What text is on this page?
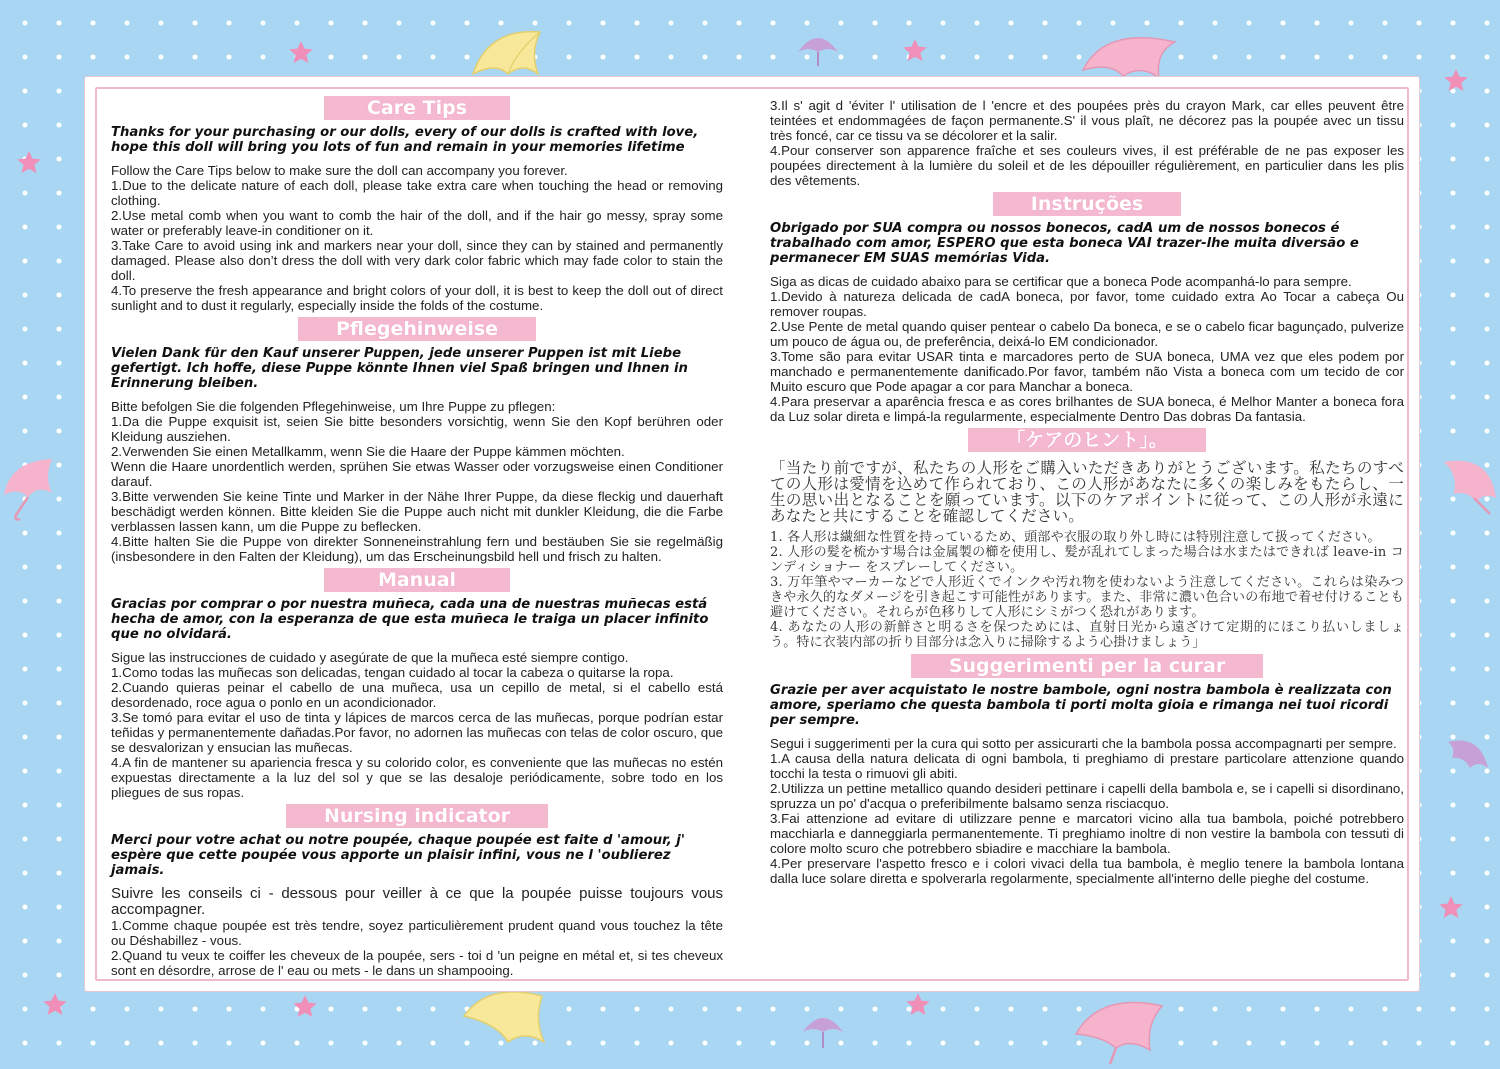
Care Tips

Thanks for your purchasing or our dolls, every of our dolls is crafted with love, hope this doll will bring you lots of fun and remain in your memories lifetime

Follow the Care Tips below to make sure the doll can accompany you forever.

1.Due to the delicate nature of each doll, please take extra care when touching the head or removing clothing.

2.Use metal comb when you want to comb the hair of the doll, and if the hair go messy, spray some water or preferably leave-in conditioner on it.

3.Take Care to avoid using ink and markers near your doll, since they can by stained and permanently damaged. Please also don’t dress the doll with very dark color fabric which may fade color to stain the doll.

4.To preserve the fresh appearance and bright colors of your doll, it is best to keep the doll out of direct sunlight and to dust it regularly, especially inside the folds of the costume.

Pflegehinweise

Vielen Dank für den Kauf unserer Puppen, jede unserer Puppen ist mit Liebe gefertigt. Ich hoffe, diese Puppe könnte Ihnen viel Spaß bringen und Ihnen in Erinnerung bleiben.

Bitte befolgen Sie die folgenden Pflegehinweise, um Ihre Puppe zu pflegen:

1.Da die Puppe exquisit ist, seien Sie bitte besonders vorsichtig, wenn Sie den Kopf berühren oder Kleidung ausziehen.

2.Verwenden Sie einen Metallkamm, wenn Sie die Haare der Puppe kämmen möchten.

Wenn die Haare unordentlich werden, sprühen Sie etwas Wasser oder vorzugsweise einen Conditioner darauf.

3.Bitte verwenden Sie keine Tinte und Marker in der Nähe Ihrer Puppe, da diese fleckig und dauerhaft beschädigt werden können. Bitte kleiden Sie die Puppe auch nicht mit dunkler Kleidung, die die Farbe verblassen lassen kann, um die Puppe zu beflecken.

4.Bitte halten Sie die Puppe von direkter Sonneneinstrahlung fern und bestäuben Sie sie regelmäßig (insbesondere in den Falten der Kleidung), um das Erscheinungsbild hell und frisch zu halten.

Manual

Gracias por comprar o por nuestra muñeca, cada una de nuestras muñecas está hecha de amor, con la esperanza de que esta muñeca le traiga un placer infinito que no olvidará.

Sigue las instrucciones de cuidado y asegúrate de que la muñeca esté siempre contigo.

1.Como todas las muñecas son delicadas, tengan cuidado al tocar la cabeza o quitarse la ropa.

2.Cuando quieras peinar el cabello de una muñeca, usa un cepillo de metal, si el cabello está desordenado, roce agua o ponlo en un acondicionador.

3.Se tomó para evitar el uso de tinta y lápices de marcos cerca de las muñecas, porque podrían estar teñidas y permanentemente dañadas.Por favor, no adornen las muñecas con telas de color oscuro, que se desvalorizan y ensucian las muñecas.

4.A fin de mantener su apariencia fresca y su colorido color, es conveniente que las muñecas no estén expuestas directamente a la luz del sol y que se las desaloje periódicamente, sobre todo en los pliegues de sus ropas.

Nursing indicator

Merci pour votre achat ou notre poupée, chaque poupée est faite d 'amour, j' espère que cette poupée vous apporte un plaisir infini, vous ne l 'oublierez jamais.

Suivre les conseils ci - dessous pour veiller à ce que la poupée puisse toujours vous accompagner.

1.Comme chaque poupée est très tendre, soyez particulièrement prudent quand vous touchez la tête ou Déshabillez - vous.

2.Quand tu veux te coiffer les cheveux de la poupée, sers - toi d 'un peigne en métal et, si tes cheveux sont en désordre, arrose de l' eau ou mets - le dans un shampooing.

3.Il s' agit d 'éviter l' utilisation de l 'encre et des poupées près du crayon Mark, car elles peuvent être teintées et endommagées de façon permanente.S' il vous plaît, ne décorez pas la poupée avec un tissu très foncé, car ce tissu va se décolorer et la salir.

4.Pour conserver son apparence fraîche et ses couleurs vives, il est préférable de ne pas exposer les poupées directement à la lumière du soleil et de les dépouiller régulièrement, en particulier dans les plis des vêtements.

Instruções

Obrigado por SUA compra ou nossos bonecos, cadA um de nossos bonecos é trabalhado com amor, ESPERO que esta boneca VAI trazer-lhe muita diversão e permanecer EM SUAS memórias Vida.

Siga as dicas de cuidado abaixo para se certificar que a boneca Pode acompanhá-lo para sempre.

1.Devido à natureza delicada de cadA boneca, por favor, tome cuidado extra Ao Tocar a cabeça Ou remover roupas.

2.Use Pente de metal quando quiser pentear o cabelo Da boneca, e se o cabelo ficar bagunçado, pulverize um pouco de água ou, de preferência, deixá-lo EM condicionador.

3.Tome são para evitar USAR tinta e marcadores perto de SUA boneca, UMA vez que eles podem por manchado e permanentemente danificado.Por favor, também não Vista a boneca com um tecido de cor Muito escuro que Pode apagar a cor para Manchar a boneca.

4.Para preservar a aparência fresca e as cores brilhantes de SUA boneca, é Melhor Manter a boneca fora da Luz solar direta e limpá-la regularmente, especialmente Dentro Das dobras Da fantasia.

「ケアのヒント」。

「当たり前ですが、私たちの人形をご購入いただきありがとうございます。私たちのすべての人形は愛情を込めて作られており、この人形があなたに多くの楽しみをもたらし、一生の思い出となることを願っています。以下のケアポイントに従って、この人形が永遠にあなたと共にすることを確認してください。

1. 各人形は繊細な性質を持っているため、頭部や衣服の取り外し時には特別注意して扱ってください。

2. 人形の髪を梳かす場合は金属製の櫛を使用し、髪が乱れてしまった場合は水またはできれば leave-in コンディショナー をスプレーしてください。

3. 万年筆やマーカーなどで人形近くでインクや汚れ物を使わないよう注意してください。これらは染みつきや永久的なダメージを引き起こす可能性があります。また、非常に濃い色合いの布地で着せ付けることも避けてください。それらが色移りして人形にシミがつく恐れがあります。

4. あなたの人形の新鮮さと明るさを保つためには、直射日光から遠ざけて定期的にほこり払いしましょう。特に衣装内部の折り目部分は念入りに掃除するよう心掛けましょう」

Suggerimenti per la curar

Grazie per aver acquistato le nostre bambole, ogni nostra bambola è realizzata con amore, speriamo che questa bambola ti porti molta gioia e rimanga nei tuoi ricordi per sempre.

Segui i suggerimenti per la cura qui sotto per assicurarti che la bambola possa accompagnarti per sempre.

1.A causa della natura delicata di ogni bambola, ti preghiamo di prestare particolare attenzione quando tocchi la testa o rimuovi gli abiti.

2.Utilizza un pettine metallico quando desideri pettinare i capelli della bambola e, se i capelli si disordinano, spruzza un po' d'acqua o preferibilmente balsamo senza risciacquo.

3.Fai attenzione ad evitare di utilizzare penne e marcatori vicino alla tua bambola, poiché potrebbero macchiarla e danneggiarla permanentemente. Ti preghiamo inoltre di non vestire la bambola con tessuti di colore molto scuro che potrebbero sbiadire e macchiare la bambola.

4.Per preservare l'aspetto fresco e i colori vivaci della tua bambola, è meglio tenere la bambola lontana dalla luce solare diretta e spolverarla regolarmente, specialmente all'interno delle pieghe del costume.
